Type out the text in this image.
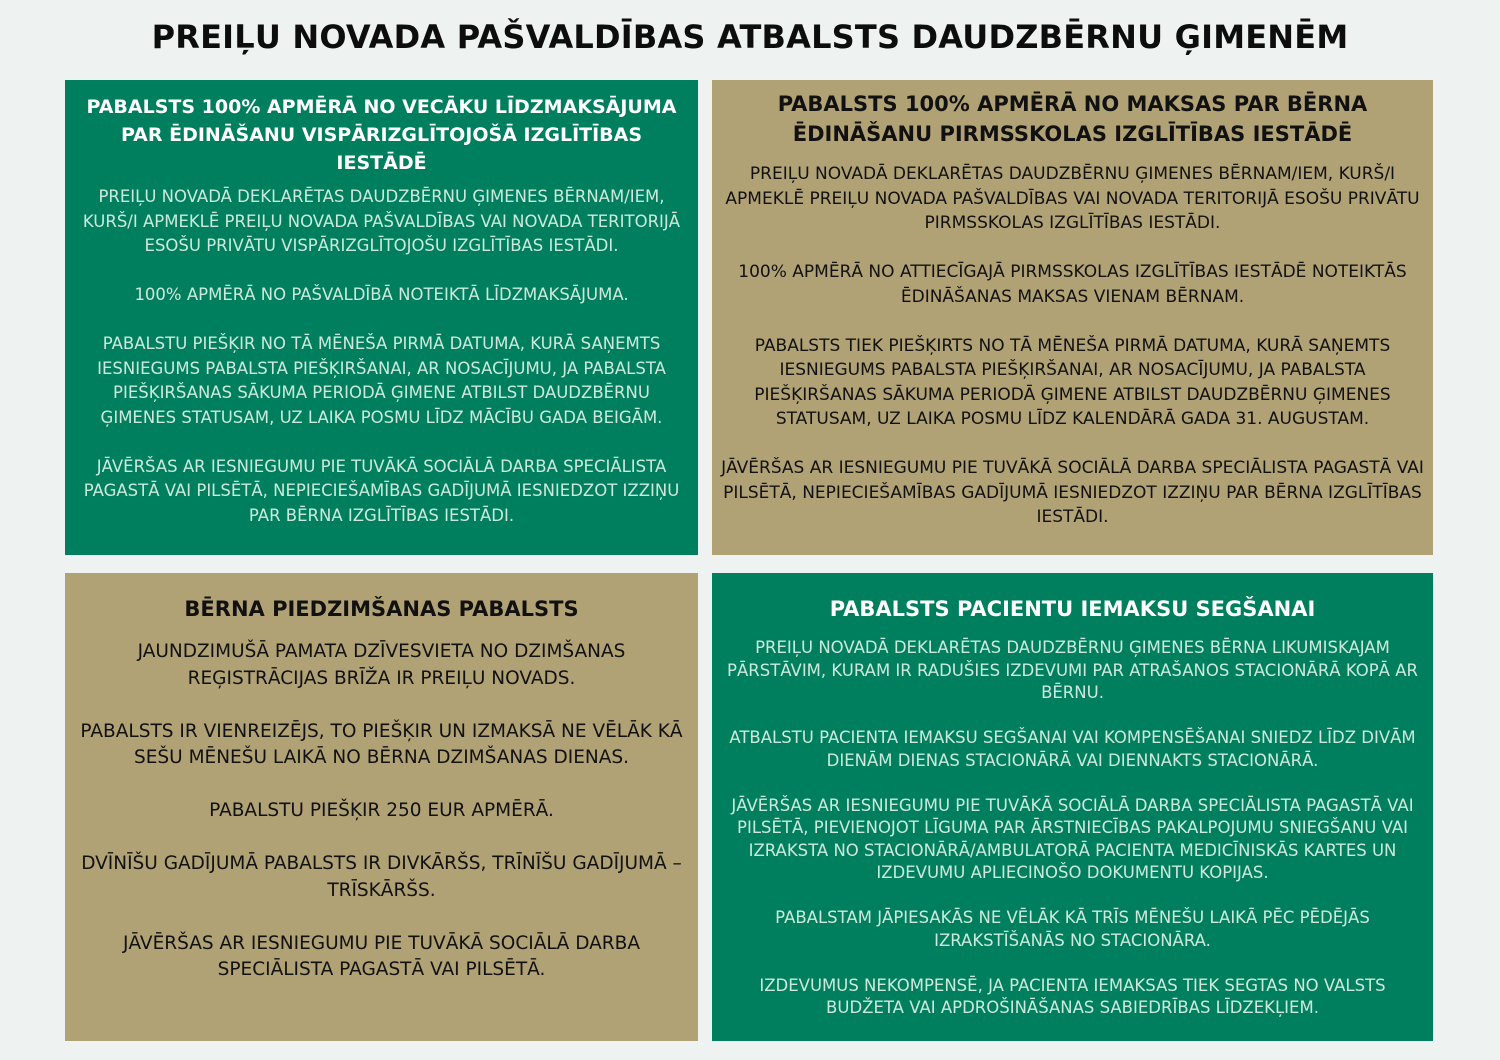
PREIĻU NOVADA PAŠVALDĪBAS ATBALSTS DAUDZBĒRNU ĢIMENĒM
PABALSTS 100% APMĒRĀ NO VECĀKU LĪDZMAKSĀJUMA PAR ĒDINĀŠANU VISPĀRIZGLĪTOJOŠĀ IZGLĪTĪBAS IESTĀDĒ

PREIĻU NOVADĀ DEKLARĒTAS DAUDZBĒRNU ĢIMENES BĒRNAM/IEM, KURŠ/I APMEKLĒ PREIĻU NOVADA PAŠVALDĪBAS VAI NOVADA TERITORIJĀ ESOŠU PRIVĀTU VISPĀRIZGLĪTOJOŠU IZGLĪTĪBAS IESTĀDI.

100% APMĒRĀ NO PAŠVALDĪBĀ NOTEIKTĀ LĪDZMAKSĀJUMA.

PABALSTU PIEŠĶIR NO TĀ MĒNEŠA PIRMĀ DATUMA, KURĀ SAŅEMTS IESNIEGUMS PABALSTA PIEŠĶIRŠANAI, AR NOSACĪJUMU, JA PABALSTA PIEŠĶIRŠANAS SĀKUMA PERIODĀ ĢIMENE ATBILST DAUDZBĒRNU ĢIMENES STATUSAM, UZ LAIKA POSMU LĪDZ MĀCĪBU GADA BEIGĀM.

JĀVĒRŠAS AR IESNIEGUMU PIE TUVĀKĀ SOCIĀLĀ DARBA SPECIĀLISTA PAGASTĀ VAI PILSĒTĀ, NEPIECIEŠAMĪBAS GADĪJUMĀ IESNIEDZOT IZZIŅU PAR BĒRNA IZGLĪTĪBAS IESTĀDI.

PABALSTS 100% APMĒRĀ NO MAKSAS PAR BĒRNA ĒDINĀŠANU PIRMSSKOLAS IZGLĪTĪBAS IESTĀDĒ

PREIĻU NOVADĀ DEKLARĒTAS DAUDZBĒRNU ĢIMENES BĒRNAM/IEM, KURŠ/I APMEKLĒ PREIĻU NOVADA PAŠVALDĪBAS VAI NOVADA TERITORIJĀ ESOŠU PRIVĀTU PIRMSSKOLAS IZGLĪTĪBAS IESTĀDI.

100% APMĒRĀ NO ATTIECĪGAJĀ PIRMSSKOLAS IZGLĪTĪBAS IESTĀDĒ NOTEIKTĀS ĒDINĀŠANAS MAKSAS VIENAM BĒRNAM.

PABALSTS TIEK PIEŠĶIRTS NO TĀ MĒNEŠA PIRMĀ DATUMA, KURĀ SAŅEMTS IESNIEGUMS PABALSTA PIEŠĶIRŠANAI, AR NOSACĪJUMU, JA PABALSTA PIEŠĶIRŠANAS SĀKUMA PERIODĀ ĢIMENE ATBILST DAUDZBĒRNU ĢIMENES STATUSAM, UZ LAIKA POSMU LĪDZ KALENDĀRĀ GADA 31. AUGUSTAM.

JĀVĒRŠAS AR IESNIEGUMU PIE TUVĀKĀ SOCIĀLĀ DARBA SPECIĀLISTA PAGASTĀ VAI PILSĒTĀ, NEPIECIEŠAMĪBAS GADĪJUMĀ IESNIEDZOT IZZIŅU PAR BĒRNA IZGLĪTĪBAS IESTĀDI.

BĒRNA PIEDZIMŠANAS PABALSTS

JAUNDZIMUŠĀ PAMATA DZĪVESVIETA NO DZIMŠANAS REĢISTRĀCIJAS BRĪŽA IR PREIĻU NOVADS.

PABALSTS IR VIENREIZĒJS, TO PIEŠĶIR UN IZMAKSĀ NE VĒLĀK KĀ SEŠU MĒNEŠU LAIKĀ NO BĒRNA DZIMŠANAS DIENAS.

PABALSTU PIEŠĶIR 250 EUR APMĒRĀ.

DVĪNĪŠU GADĪJUMĀ PABALSTS IR DIVKĀRŠS, TRĪNĪŠU GADĪJUMĀ – TRĪSKĀRŠS.

JĀVĒRŠAS AR IESNIEGUMU PIE TUVĀKĀ SOCIĀLĀ DARBA SPECIĀLISTA PAGASTĀ VAI PILSĒTĀ.

PABALSTS PACIENTU IEMAKSU SEGŠANAI

PREIĻU NOVADĀ DEKLARĒTAS DAUDZBĒRNU ĢIMENES BĒRNA LIKUMISKAJAM PĀRSTĀVIM, KURAM IR RADUŠIES IZDEVUMI PAR ATRAŠANOS STACIONĀRĀ KOPĀ AR BĒRNU.

ATBALSTU PACIENTA IEMAKSU SEGŠANAI VAI KOMPENSĒŠANAI SNIEDZ LĪDZ DIVĀM DIENĀM DIENAS STACIONĀRĀ VAI DIENNAKTS STACIONĀRĀ.

JĀVĒRŠAS AR IESNIEGUMU PIE TUVĀKĀ SOCIĀLĀ DARBA SPECIĀLISTA PAGASTĀ VAI PILSĒTĀ, PIEVIENOJOT LĪGUMA PAR ĀRSTNIECĪBAS PAKALPOJUMU SNIEGŠANU VAI IZRAKSTA NO STACIONĀRĀ/AMBULATORĀ PACIENTA MEDICĪNISKĀS KARTES UN IZDEVUMU APLIECINOŠO DOKUMENTU KOPIJAS.

PABALSTAM JĀPIESAKĀS NE VĒLĀK KĀ TRĪS MĒNEŠU LAIKĀ PĒC PĒDĒJĀS IZRAKSTĪŠANĀS NO STACIONĀRA.

IZDEVUMUS NEKOMPENSĒ, JA PACIENTA IEMAKSAS TIEK SEGTAS NO VALSTS BUDŽETA VAI APDROŠINĀŠANAS SABIEDRĪBAS LĪDZEKĻIEM.
